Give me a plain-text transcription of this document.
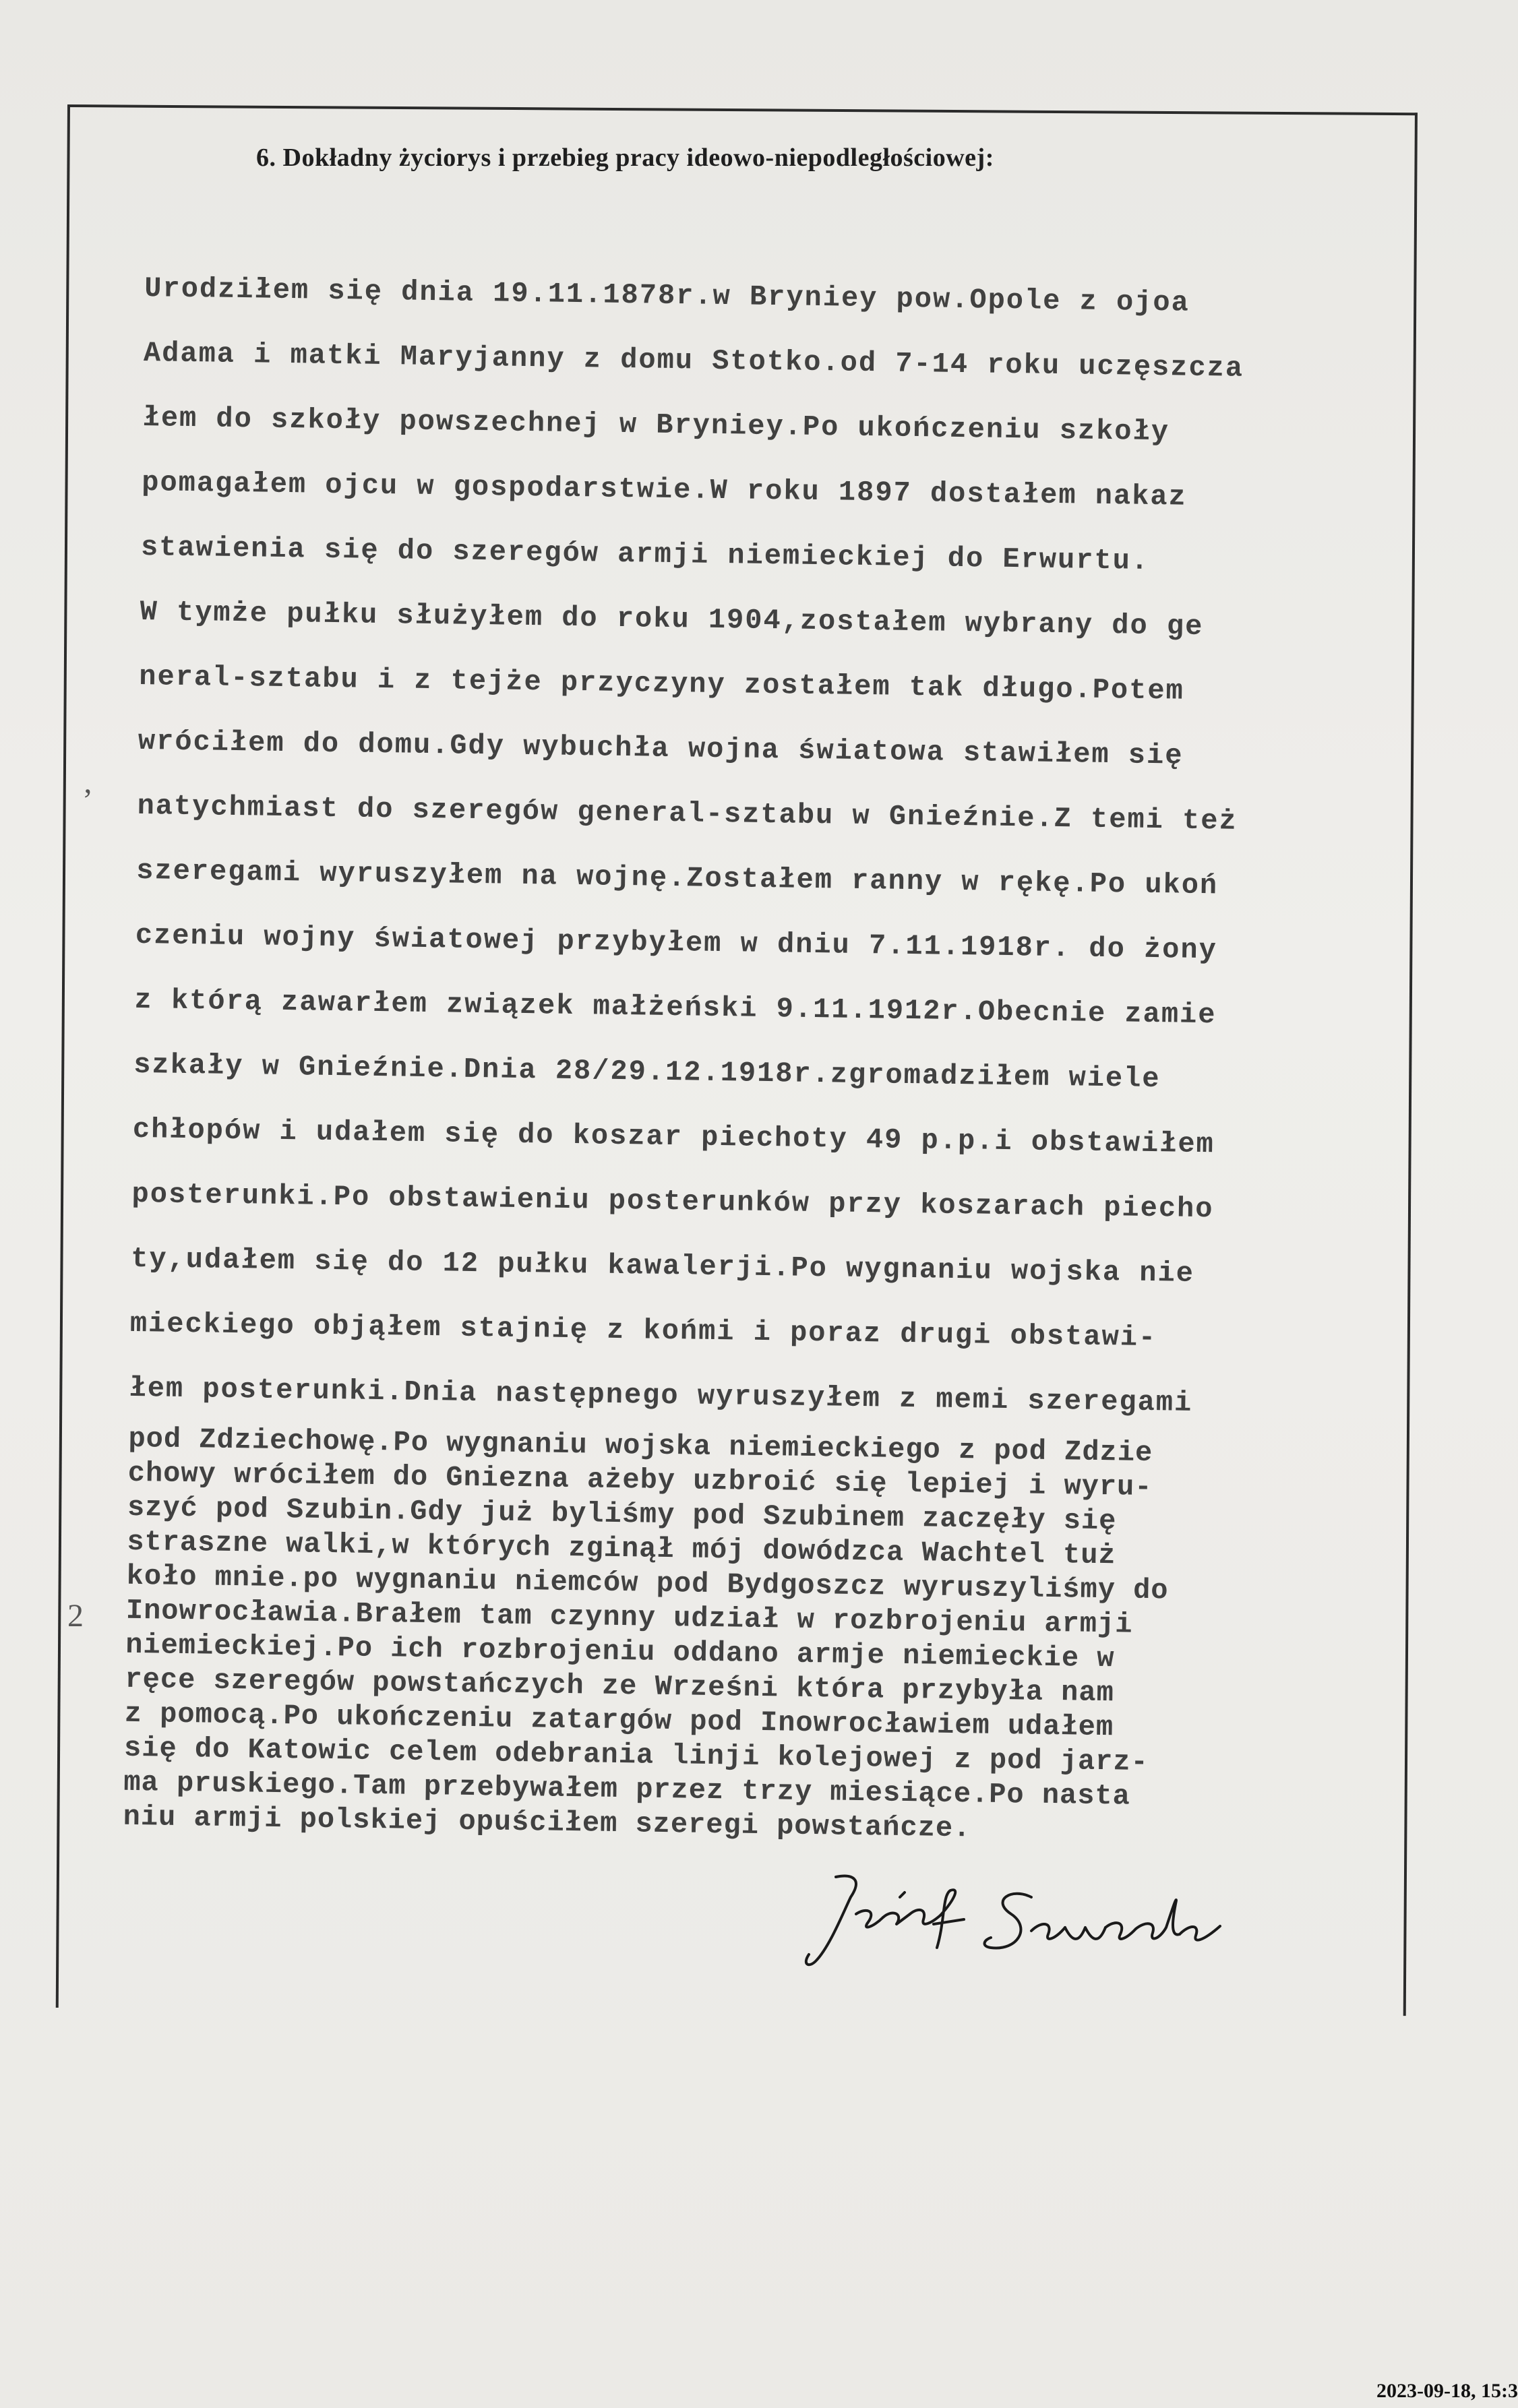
6. Dokładny życiorys i przebieg pracy ideowo-niepodległościowej:
Urodziłem się dnia 19.11.1878r.w Bryniey pow.Opole z ojoa
Adama i matki Maryjanny z domu Stotko.od 7-14 roku uczęszcza
łem do szkoły powszechnej w Bryniey.Po ukończeniu szkoły
pomagałem ojcu w gospodarstwie.W roku 1897 dostałem nakaz
stawienia się do szeregów armji niemieckiej do Erwurtu.
W tymże pułku służyłem do roku 1904,zostałem wybrany do ge
neral-sztabu i z tejże przyczyny zostałem tak długo.Potem
wróciłem do domu.Gdy wybuchła wojna światowa stawiłem się
natychmiast do szeregów general-sztabu w Gnieźnie.Z temi też
szeregami wyruszyłem na wojnę.Zostałem ranny w rękę.Po ukoń
czeniu wojny światowej przybyłem w dniu 7.11.1918r. do żony
z którą zawarłem związek małżeński 9.11.1912r.Obecnie zamie
szkały w Gnieźnie.Dnia 28/29.12.1918r.zgromadziłem wiele
chłopów i udałem się do koszar piechoty 49 p.p.i obstawiłem
posterunki.Po obstawieniu posterunków przy koszarach piecho
ty,udałem się do 12 pułku kawalerji.Po wygnaniu wojska nie
mieckiego objąłem stajnię z końmi i poraz drugi obstawi-
łem posterunki.Dnia następnego wyruszyłem z memi szeregami
pod Zdziechowę.Po wygnaniu wojska niemieckiego z pod Zdzie
chowy wróciłem do Gniezna ażeby uzbroić się lepiej i wyru-
szyć pod Szubin.Gdy już byliśmy pod Szubinem zaczęły się
straszne walki,w których zginął mój dowódzca Wachtel tuż
koło mnie.po wygnaniu niemców pod Bydgoszcz wyruszyliśmy do
Inowrocławia.Brałem tam czynny udział w rozbrojeniu armji
niemieckiej.Po ich rozbrojeniu oddano armje niemieckie w
ręce szeregów powstańczych ze Wrześni która przybyła nam
z pomocą.Po ukończeniu zatargów pod Inowrocławiem udałem
się do Katowic celem odebrania linji kolejowej z pod jarz-
ma pruskiego.Tam przebywałem przez trzy miesiące.Po nasta
niu armji polskiej opuściłem szeregi powstańcze.
’
2
2023-09-18, 15:3
